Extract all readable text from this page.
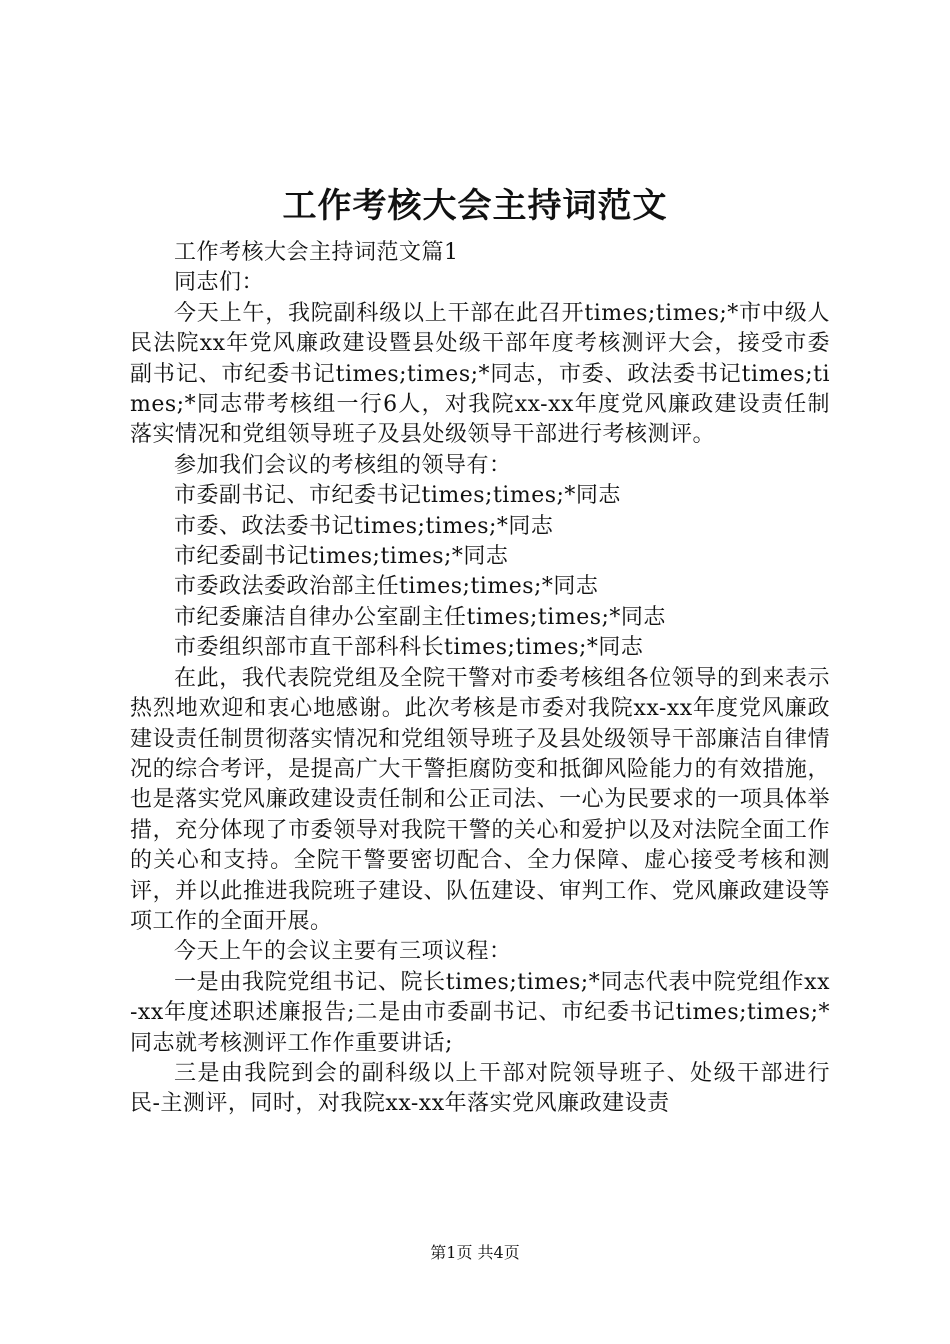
工作考核大会主持词范文

工作考核大会主持词范文篇1

同志们：

今天上午，我院副科级以上干部在此召开times;times;*市中级人民法院xx年党风廉政建设暨县处级干部年度考核测评大会，接受市委副书记、市纪委书记times;times;*同志，市委、政法委书记times;times;*同志带考核组一行6人，对我院xx-xx年度党风廉政建设责任制落实情况和党组领导班子及县处级领导干部进行考核测评。

参加我们会议的考核组的领导有：

市委副书记、市纪委书记times;times;*同志

市委、政法委书记times;times;*同志

市纪委副书记times;times;*同志

市委政法委政治部主任times;times;*同志

市纪委廉洁自律办公室副主任times;times;*同志

市委组织部市直干部科科长times;times;*同志

在此，我代表院党组及全院干警对市委考核组各位领导的到来表示热烈地欢迎和衷心地感谢。此次考核是市委对我院xx-xx年度党风廉政建设责任制贯彻落实情况和党组领导班子及县处级领导干部廉洁自律情况的综合考评，是提高广大干警拒腐防变和抵御风险能力的有效措施，也是落实党风廉政建设责任制和公正司法、一心为民要求的一项具体举措，充分体现了市委领导对我院干警的关心和爱护以及对法院全面工作的关心和支持。全院干警要密切配合、全力保障、虚心接受考核和测评，并以此推进我院班子建设、队伍建设、审判工作、党风廉政建设等项工作的全面开展。

今天上午的会议主要有三项议程：

一是由我院党组书记、院长times;times;*同志代表中院党组作xx-xx年度述职述廉报告;二是由市委副书记、市纪委书记times;times;*同志就考核测评工作作重要讲话;

三是由我院到会的副科级以上干部对院领导班子、处级干部进行民-主测评，同时，对我院xx-xx年落实党风廉政建设责

第1页 共4页
